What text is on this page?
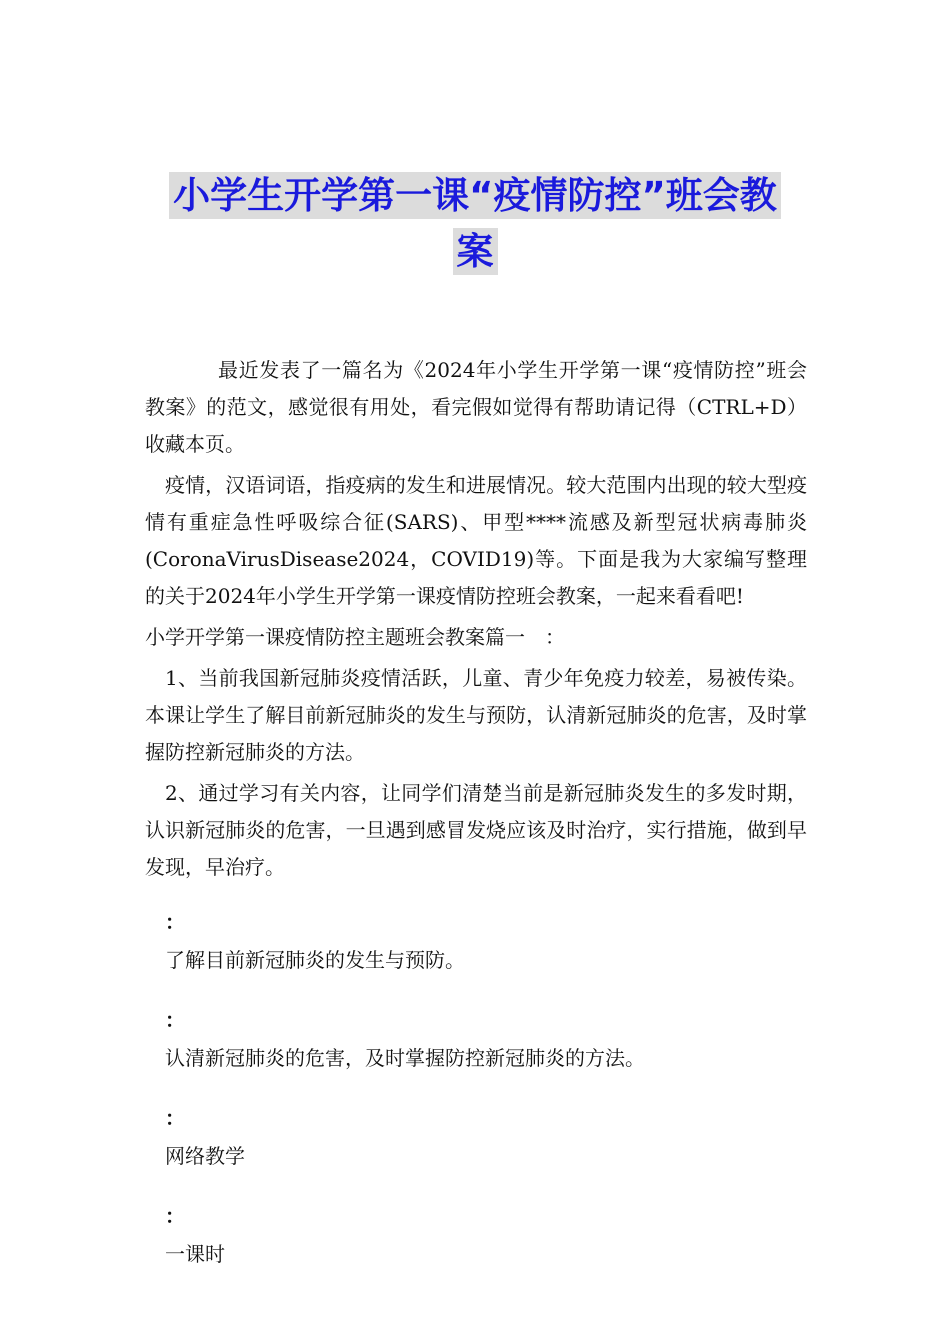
小学生开学第一课“疫情防控”班会教
案

最近发表了一篇名为《2024年小学生开学第一课“疫情防控”班会教案》的范文，感觉很有用处，看完假如觉得有帮助请记得（CTRL+D）收藏本页。

疫情，汉语词语，指疫病的发生和进展情况。较大范围内出现的较大型疫情有重症急性呼吸综合征(SARS)、甲型****流感及新型冠状病毒肺炎(CoronaVirusDisease2024，COVID19)等。下面是我为大家编写整理的关于2024年小学生开学第一课疫情防控班会教案，一起来看看吧!

小学开学第一课疫情防控主题班会教案篇一　：

1、当前我国新冠肺炎疫情活跃，儿童、青少年免疫力较差，易被传染。本课让学生了解目前新冠肺炎的发生与预防，认清新冠肺炎的危害，及时掌握防控新冠肺炎的方法。

2、通过学习有关内容，让同学们清楚当前是新冠肺炎发生的多发时期，认识新冠肺炎的危害，一旦遇到感冒发烧应该及时治疗，实行措施，做到早发现，早治疗。

：
了解目前新冠肺炎的发生与预防。
：
认清新冠肺炎的危害，及时掌握防控新冠肺炎的方法。
：
网络教学
：
一课时
